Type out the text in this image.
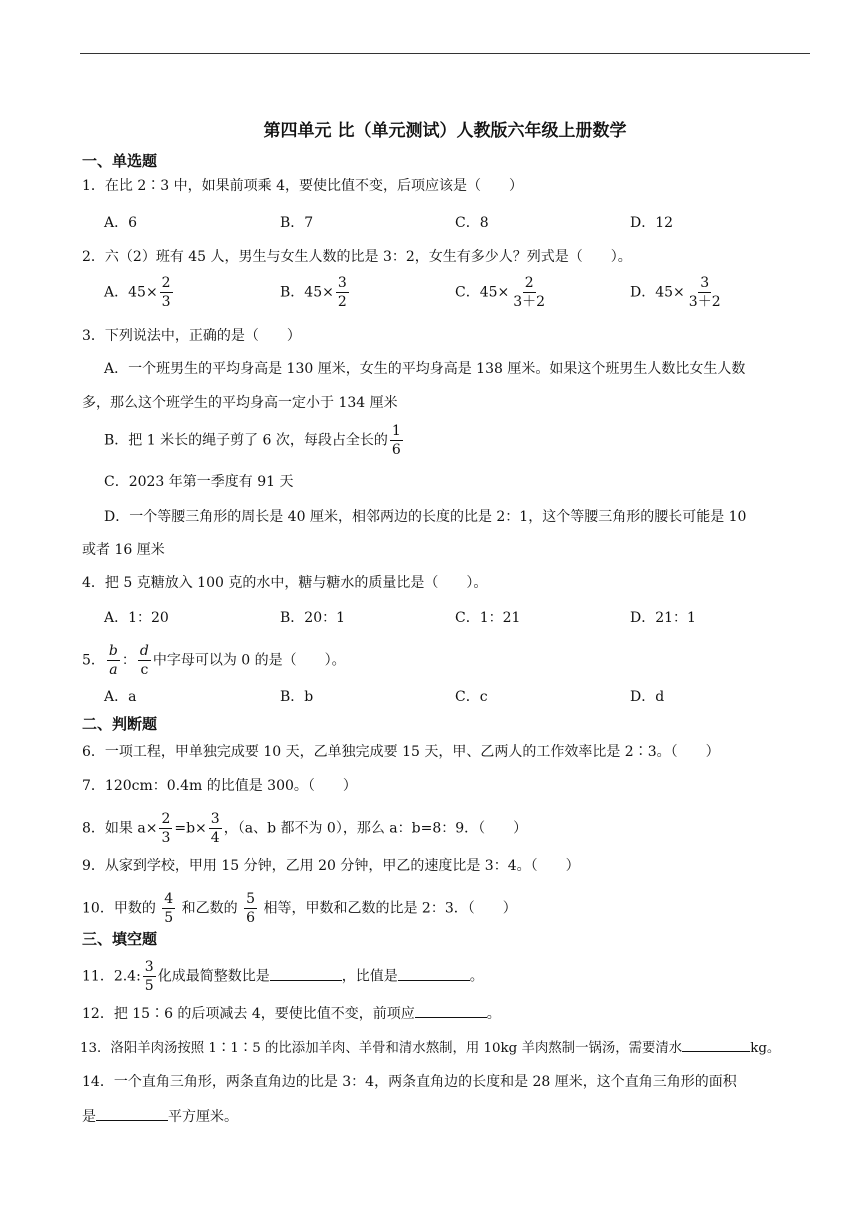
第四单元 比（单元测试）人教版六年级上册数学
一、单选题
1．在比 2∶3 中，如果前项乘 4，要使比值不变，后项应该是（　　）
A．6	B．7	C．8	D．12
2．六（2）班有 45 人，男生与女生人数的比是 3：2，女生有多少人？列式是（　　）。
A．$45\times \frac{2}{3}$	B．$45\times \frac{3}{2}$	C．$45\times \frac{2}{3+2}$	D．$45\times \frac{3}{3+2}$
3．下列说法中，正确的是（　　）
A．一个班男生的平均身高是 130 厘米，女生的平均身高是 138 厘米。如果这个班男生人数比女生人数
多，那么这个班学生的平均身高一定小于 134 厘米
B．把 1 米长的绳子剪了 6 次，每段占全长的 $\frac{1}{6}$
C．2023 年第一季度有 91 天
D．一个等腰三角形的周长是 40 厘米，相邻两边的长度的比是 2：1，这个等腰三角形的腰长可能是 10
或者 16 厘米
4．把 5 克糖放入 100 克的水中，糖与糖水的质量比是（　　）。
A．1：20	B．20：1	C．1：21	D．21：1
5． $\frac{b}{a}$ ： $\frac{d}{c}$ 中字母可以为 0 的是（　　）。
A．a	B．b	C．c	D．d
二、判断题
6．一项工程，甲单独完成要 10 天，乙单独完成要 15 天，甲、乙两人的工作效率比是 2∶3。（　　）
7．120cm：0.4m 的比值是 300。（　　）
8．如果 $a\times \frac{2}{3} =b\times \frac{3}{4}$ ，（a、b 都不为 0），那么 a：b=8：9．（　　）
9．从家到学校，甲用 15 分钟，乙用 20 分钟，甲乙的速度比是 3：4。（　　）
10．甲数的 $\frac{4}{5}$ 和乙数的 $\frac{5}{6}$ 相等，甲数和乙数的比是 2：3．（　　）
三、填空题
11．2.4: $\frac{3}{5}$ 化成最简整数比是	，比值是	。
12．把 15∶6 的后项减去 4，要使比值不变，前项应	。
13．洛阳羊肉汤按照 1∶1∶5 的比添加羊肉、羊骨和清水熬制，用 10kg 羊肉熬制一锅汤，需要清水	kg。
14．一个直角三角形，两条直角边的比是 3：4，两条直角边的长度和是 28 厘米，这个直角三角形的面积
是	平方厘米。
